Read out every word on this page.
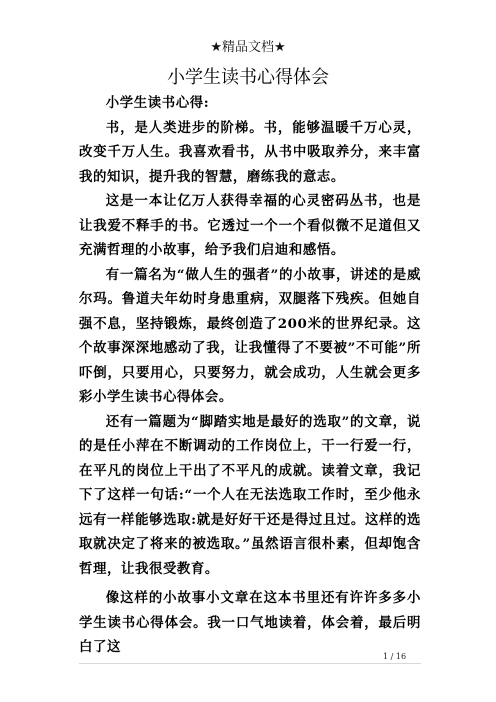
★精品文档★
小学生读书心得体会

小学生读书心得:

书，是人类进步的阶梯。书，能够温暖千万心灵，改变千万人生。我喜欢看书，从书中吸取养分，来丰富我的知识，提升我的智慧，磨练我的意志。

这是一本让亿万人获得幸福的心灵密码丛书，也是让我爱不释手的书。它透过一个一个看似微不足道但又充满哲理的小故事，给予我们启迪和感悟。

有一篇名为“做人生的强者”的小故事，讲述的是威尔玛。鲁道夫年幼时身患重病，双腿落下残疾。但她自强不息，坚持锻炼，最终创造了200米的世界纪录。这个故事深深地感动了我，让我懂得了不要被”不可能”所吓倒，只要用心，只要努力，就会成功，人生就会更多彩小学生读书心得体会。

还有一篇题为“脚踏实地是最好的选取”的文章，说的是任小萍在不断调动的工作岗位上，干一行爱一行，在平凡的岗位上干出了不平凡的成就。读着文章，我记下了这样一句话:“一个人在无法选取工作时，至少他永远有一样能够选取:就是好好干还是得过且过。这样的选取就决定了将来的被选取。”虽然语言很朴素，但却饱含哲理，让我很受教育。

像这样的小故事小文章在这本书里还有许许多多小学生读书心得体会。我一口气地读着，体会着，最后明白了这

1 / 16
